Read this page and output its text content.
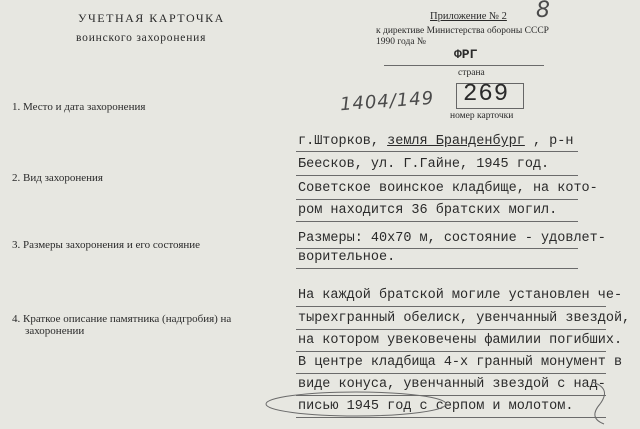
УЧЕТНАЯ КАРТОЧКА
воинского захоронения
Приложение № 2 8
к директиве Министерства обороны СССР
1990 года №
ФРГ
страна
1404/149 269
номер карточки
1. Место и дата захоронения
2. Вид захоронения
3. Размеры захоронения и его состояние
4. Краткое описание памятника (надгробия) на
захоронении
г.Шторков, земля Бранденбург , р-н
Беесков, ул. Г.Гайне, 1945 год.
Советское воинское кладбище, на кото-
ром находится 36 братских могил.
Размеры: 40х70 м, состояние - удовлет-
ворительное.
На каждой братской могиле установлен че-
тырехгранный обелиск, увенчанный звездой,
на котором увековечены фамилии погибших.
В центре кладбища 4-х гранный монумент в
виде конуса, увенчанный звездой с над-
писью 1945 год с серпом и молотом.
